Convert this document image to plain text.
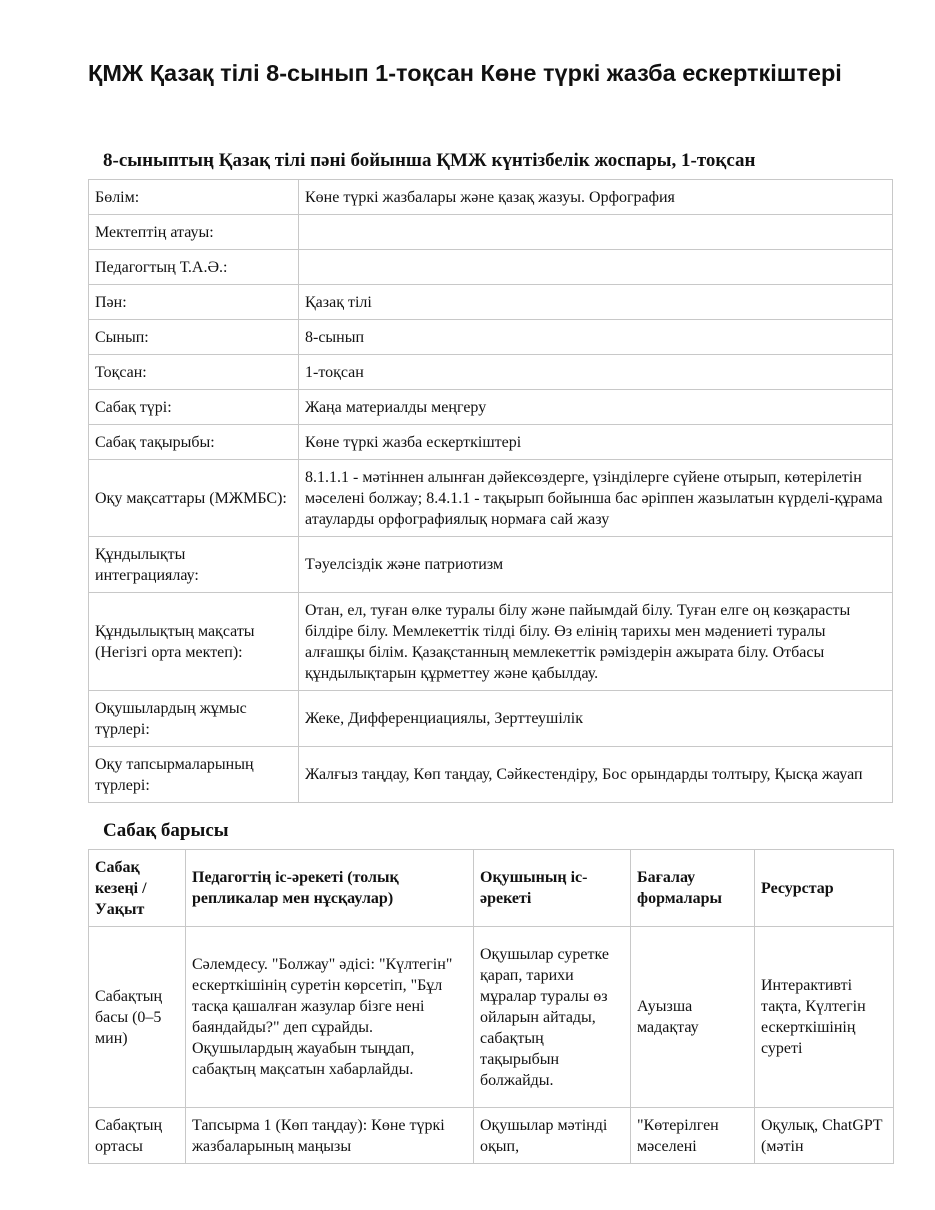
ҚМЖ Қазақ тілі 8-сынып 1-тоқсан Көне түркі жазба ескерткіштері
8-сыныптың Қазақ тілі пәні бойынша ҚМЖ күнтізбелік жоспары, 1-тоқсан
Бөлім:	Көне түркі жазбалары және қазақ жазуы. Орфография
Мектептің атауы:	
Педагогтың Т.А.Ә.:	
Пән:	Қазақ тілі
Сынып:	8-сынып
Тоқсан:	1-тоқсан
Сабақ түрі:	Жаңа материалды меңгеру
Сабақ тақырыбы:	Көне түркі жазба ескерткіштері
Оқу мақсаттары (МЖМБС):	8.1.1.1 - мәтіннен алынған дәйексөздерге, үзінділерге сүйене отырып, көтерілетін мәселені болжау; 8.4.1.1 - тақырып бойынша бас әріппен жазылатын күрделі-құрама атауларды орфографиялық нормаға сай жазу
Құндылықты интеграциялау:	Тәуелсіздік және патриотизм
Құндылықтың мақсаты (Негізгі орта мектеп):	Отан, ел, туған өлке туралы білу және пайымдай білу. Туған елге оң көзқарасты білдіре білу. Мемлекеттік тілді білу. Өз елінің тарихы мен мәдениеті туралы алғашқы білім. Қазақстанның мемлекеттік рәміздерін ажырата білу. Отбасы құндылықтарын құрметтеу және қабылдау.
Оқушылардың жұмыс түрлері:	Жеке, Дифференциациялы, Зерттеушілік
Оқу тапсырмаларының түрлері:	Жалғыз таңдау, Көп таңдау, Сәйкестендіру, Бос орындарды толтыру, Қысқа жауап
Сабақ барысы
Сабақ кезеңі / Уақыт	Педагогтің іс-әрекеті (толық репликалар мен нұсқаулар)	Оқушының іс-әрекеті	Бағалау формалары	Ресурстар
Сабақтың басы (0–5 мин)	Сәлемдесу. "Болжау" әдісі: "Күлтегін" ескерткішінің суретін көрсетіп, "Бұл тасқа қашалған жазулар бізге нені баяндайды?" деп сұрайды. Оқушылардың жауабын тыңдап, сабақтың мақсатын хабарлайды.	Оқушылар суретке қарап, тарихи мұралар туралы өз ойларын айтады, сабақтың тақырыбын болжайды.	Ауызша мадақтау	Интерактивті тақта, Күлтегін ескерткішінің суреті
Сабақтың ортасы	Тапсырма 1 (Көп таңдау): Көне түркі жазбаларының маңызы	Оқушылар мәтінді оқып,	"Көтерілген мәселені	Оқулық, ChatGPT (мәтін
